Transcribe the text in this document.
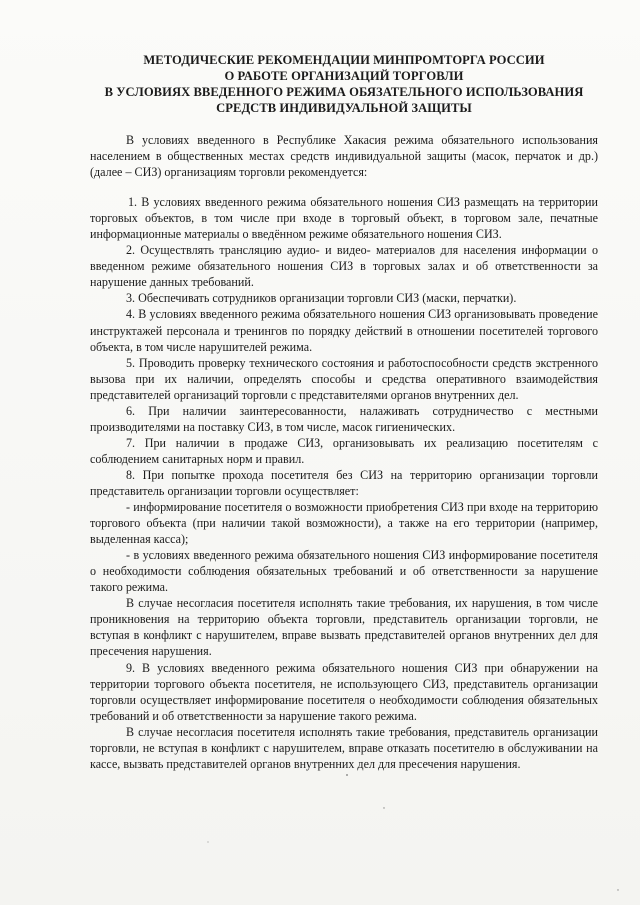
МЕТОДИЧЕСКИЕ РЕКОМЕНДАЦИИ МИНПРОМТОРГА РОССИИ
О РАБОТЕ ОРГАНИЗАЦИЙ ТОРГОВЛИ
В УСЛОВИЯХ ВВЕДЕННОГО РЕЖИМА ОБЯЗАТЕЛЬНОГО ИСПОЛЬЗОВАНИЯ
СРЕДСТВ ИНДИВИДУАЛЬНОЙ ЗАЩИТЫ

В условиях введенного в Республике Хакасия режима обязательного использования населением в общественных местах средств индивидуальной защиты (масок, перчаток и др.) (далее – СИЗ) организациям торговли рекомендуется:

1. В условиях введенного режима обязательного ношения СИЗ размещать на территории торговых объектов, в том числе при входе в торговый объект, в торговом зале, печатные информационные материалы о введённом режиме обязательного ношения СИЗ.

2. Осуществлять трансляцию аудио- и видео- материалов для населения информации о введенном режиме обязательного ношения СИЗ в торговых залах и об ответственности за нарушение данных требований.

3. Обеспечивать сотрудников организации торговли СИЗ (маски, перчатки).

4. В условиях введенного режима обязательного ношения СИЗ организовывать проведение инструктажей персонала и тренингов по порядку действий в отношении посетителей торгового объекта, в том числе нарушителей режима.

5. Проводить проверку технического состояния и работоспособности средств экстренного вызова при их наличии, определять способы и средства оперативного взаимодействия представителей организаций торговли с представителями органов внутренних дел.

6. При наличии заинтересованности, налаживать сотрудничество с местными производителями на поставку СИЗ, в том числе, масок гигиенических.

7. При наличии в продаже СИЗ, организовывать их реализацию посетителям с соблюдением санитарных норм и правил.

8. При попытке прохода посетителя без СИЗ на территорию организации торговли представитель организации торговли осуществляет:

- информирование посетителя о возможности приобретения СИЗ при входе на территорию торгового объекта (при наличии такой возможности), а также на его территории (например, выделенная касса);

- в условиях введенного режима обязательного ношения СИЗ информирование посетителя о необходимости соблюдения обязательных требований и об ответственности за нарушение такого режима.

В случае несогласия посетителя исполнять такие требования, их нарушения, в том числе проникновения на территорию объекта торговли, представитель организации торговли, не вступая в конфликт с нарушителем, вправе вызвать представителей органов внутренних дел для пресечения нарушения.

9. В условиях введенного режима обязательного ношения СИЗ при обнаружении на территории торгового объекта посетителя, не использующего СИЗ, представитель организации торговли осуществляет информирование посетителя о необходимости соблюдения обязательных требований и об ответственности за нарушение такого режима.

В случае несогласия посетителя исполнять такие требования, представитель организации торговли, не вступая в конфликт с нарушителем, вправе отказать посетителю в обслуживании на кассе, вызвать представителей органов внутренних дел для пресечения нарушения.
